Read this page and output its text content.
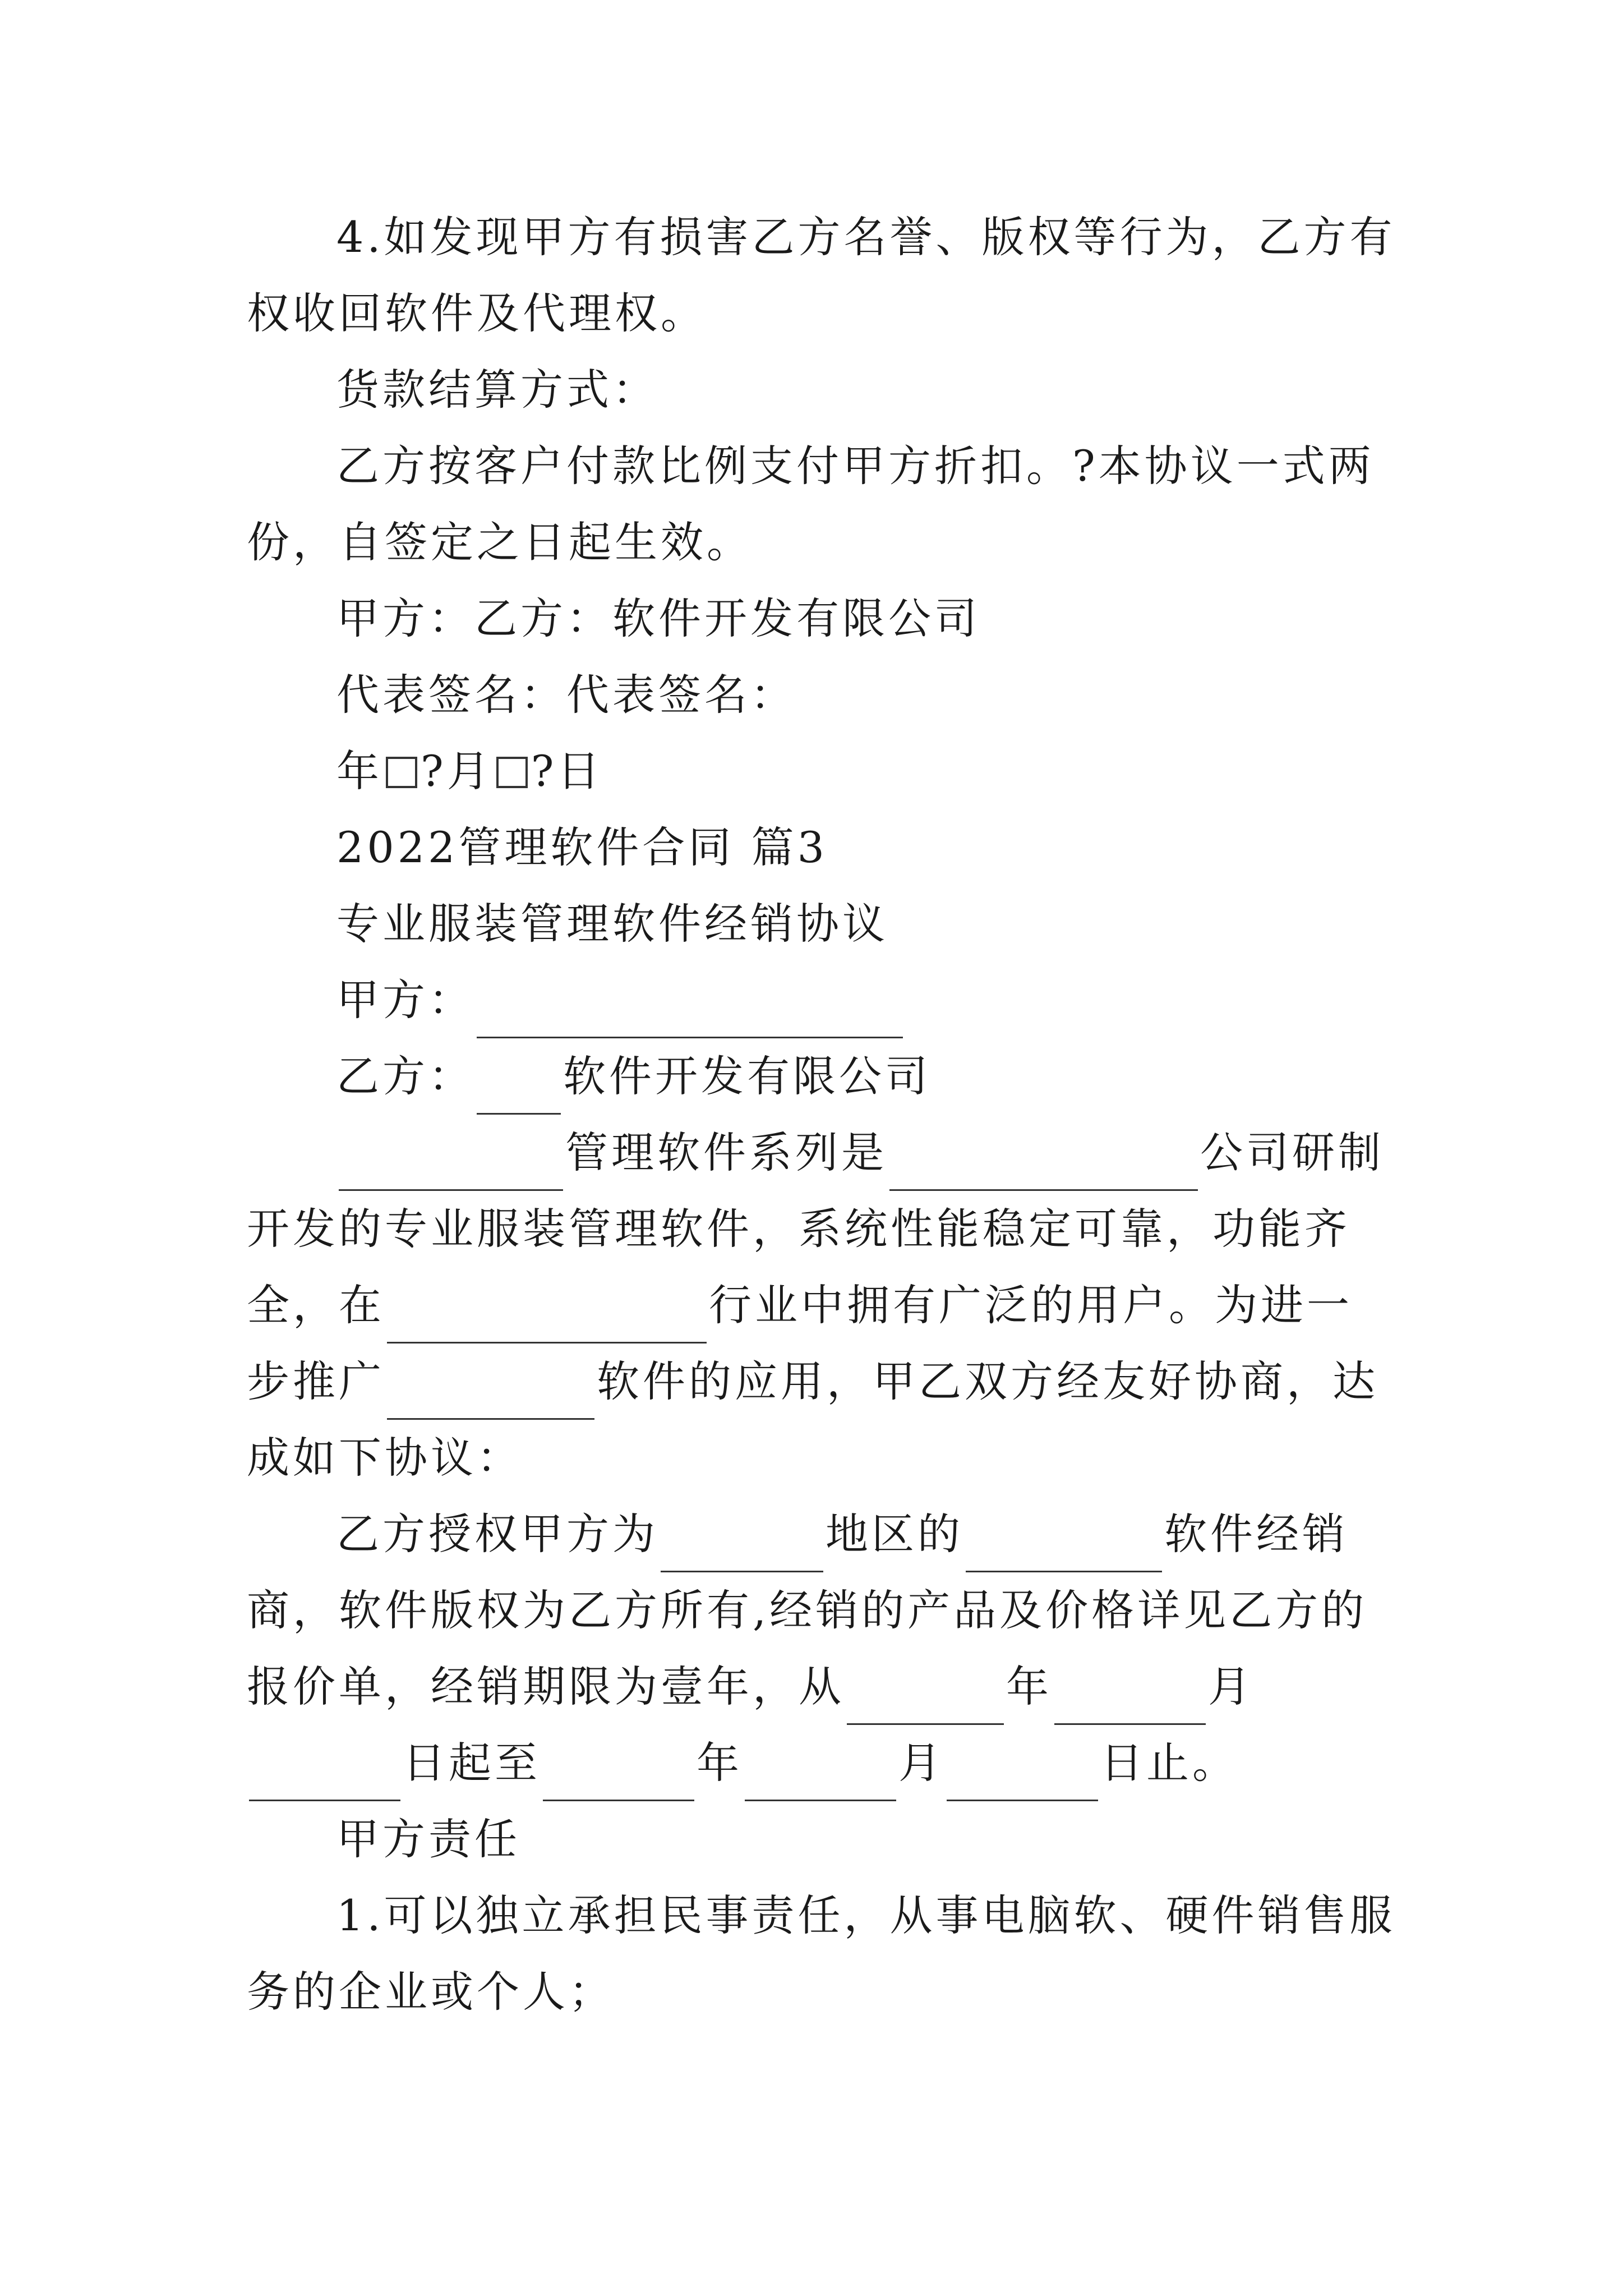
4.如发现甲方有损害乙方名誉、版权等行为，乙方有权收回软件及代理权。

货款结算方式：

乙方按客户付款比例支付甲方折扣。?本协议一式两份，自签定之日起生效。

甲方：乙方：软件开发有限公司

代表签名：代表签名：

年 ?月 ?日

2022管理软件合同 篇3

专业服装管理软件经销协议

甲方：

乙方： 软件开发有限公司

管理软件系列是	公司研制开发的专业服装管理软件，系统性能稳定可靠，功能齐全，在	行业中拥有广泛的用户。为进一步推广	软件的应用，甲乙双方经友好协商，达成如下协议：

乙方授权甲方为	地区的	软件经销商，软件版权为乙方所有,经销的产品及价格详见乙方的报价单，经销期限为壹年，从	年	月日起至	年	月	日止。

甲方责任

1.可以独立承担民事责任，从事电脑软、硬件销售服务的企业或个人；
